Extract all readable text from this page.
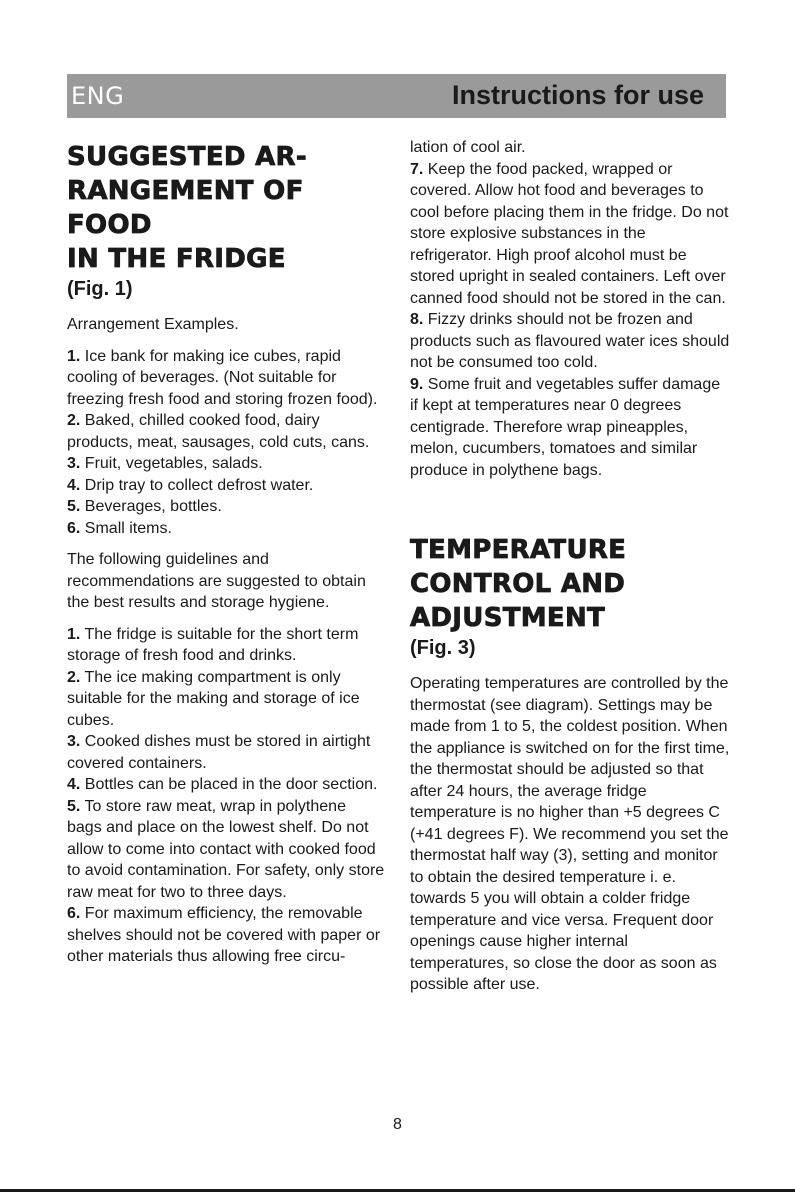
ENG	Instructions for use
SUGGESTED AR-
RANGEMENT OF FOOD
IN THE FRIDGE
(Fig. 1)

Arrangement Examples.

1. Ice bank for making ice cubes, rapid cooling of beverages. (Not suitable for freezing fresh food and storing frozen food).

2. Baked, chilled cooked food, dairy products, meat, sausages, cold cuts, cans.

3. Fruit, vegetables, salads.

4. Drip tray to collect defrost water.

5. Beverages, bottles.

6. Small items.

The following guidelines and recommendations are suggested to obtain the best results and storage hygiene.

1. The fridge is suitable for the short term storage of fresh food and drinks.

2. The ice making compartment is only suitable for the making and storage of ice cubes.

3. Cooked dishes must be stored in airtight covered containers.

4. Bottles can be placed in the door section.

5. To store raw meat, wrap in polythene bags and place on the lowest shelf. Do not allow to come into contact with cooked food to avoid contamination. For safety, only store raw meat for two to three days.

6. For maximum efficiency, the removable shelves should not be covered with paper or other materials thus allowing free circu-

lation of cool air.

7. Keep the food packed, wrapped or covered. Allow hot food and beverages to cool before placing them in the fridge. Do not store explosive substances in the refrigerator. High proof alcohol must be stored upright in sealed containers. Left over canned food should not be stored in the can.

8. Fizzy drinks should not be frozen and products such as flavoured water ices should not be consumed too cold.

9. Some fruit and vegetables suffer damage if kept at temperatures near 0 degrees centigrade. Therefore wrap pineapples, melon, cucumbers, tomatoes and similar produce in polythene bags.

TEMPERATURE
CONTROL AND
ADJUSTMENT
(Fig. 3)

Operating temperatures are controlled by the thermostat (see diagram). Settings may be made from 1 to 5, the coldest position. When the appliance is switched on for the first time, the thermostat should be adjusted so that after 24 hours, the average fridge temperature is no higher than +5 degrees C (+41 degrees F). We recommend you set the thermostat half way (3), setting and monitor to obtain the desired temperature i. e. towards 5 you will obtain a colder fridge temperature and vice versa. Frequent door openings cause higher internal temperatures, so close the door as soon as possible after use.

8
